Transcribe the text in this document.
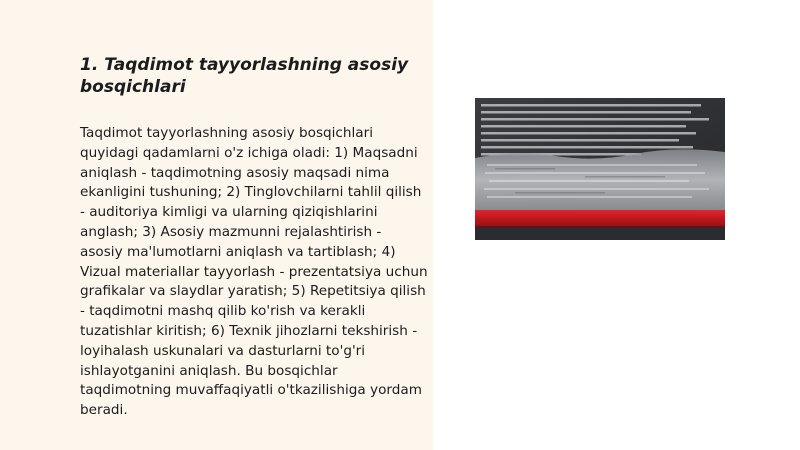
1. Taqdimot tayyorlashning asosiy bosqichlari

Taqdimot tayyorlashning asosiy bosqichlari quyidagi qadamlarni o'z ichiga oladi: 1) Maqsadni aniqlash - taqdimotning asosiy maqsadi nima ekanligini tushuning; 2) Tinglovchilarni tahlil qilish - auditoriya kimligi va ularning qiziqishlarini anglash; 3) Asosiy mazmunni rejalashtirish - asosiy ma'lumotlarni aniqlash va tartiblash; 4) Vizual materiallar tayyorlash - prezentatsiya uchun grafikalar va slaydlar yaratish; 5) Repetitsiya qilish - taqdimotni mashq qilib ko'rish va kerakli tuzatishlar kiritish; 6) Texnik jihozlarni tekshirish - loyihalash uskunalari va dasturlarni to'g'ri ishlayotganini aniqlash. Bu bosqichlar taqdimotning muvaffaqiyatli o'tkazilishiga yordam beradi.
